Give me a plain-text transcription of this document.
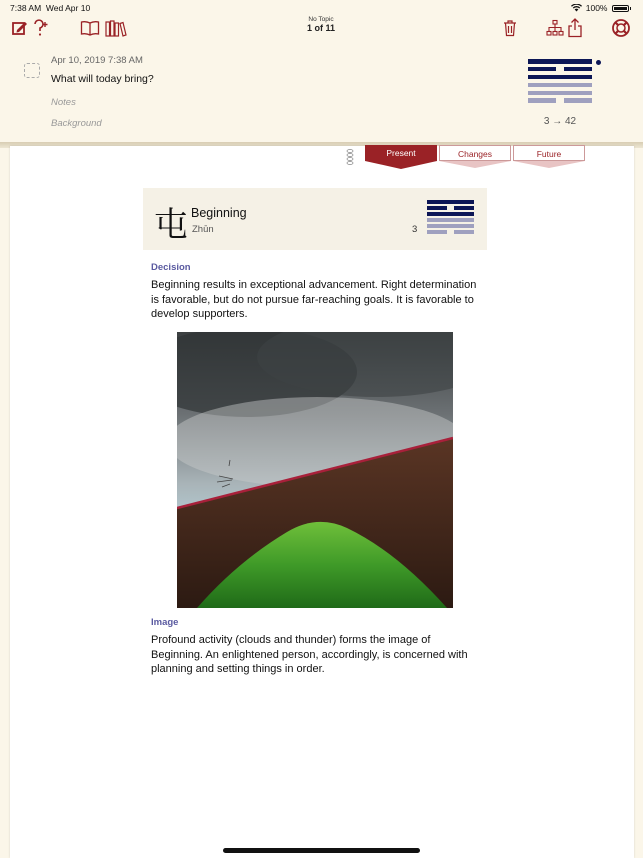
7:38 AM Wed Apr 10	100%
No Topic
1 of 11
Apr 10, 2019 7:38 AM
What will today bring?
Notes
Background	3 → 42
Present	Changes	Future
屯 Beginning
Zhūn	3
Decision
Beginning results in exceptional advancement. Right determination is favorable, but do not pursue far-reaching goals. It is favorable to develop supporters.
Image
Profound activity (clouds and thunder) forms the image of Beginning. An enlightened person, accordingly, is concerned with planning and setting things in order.
